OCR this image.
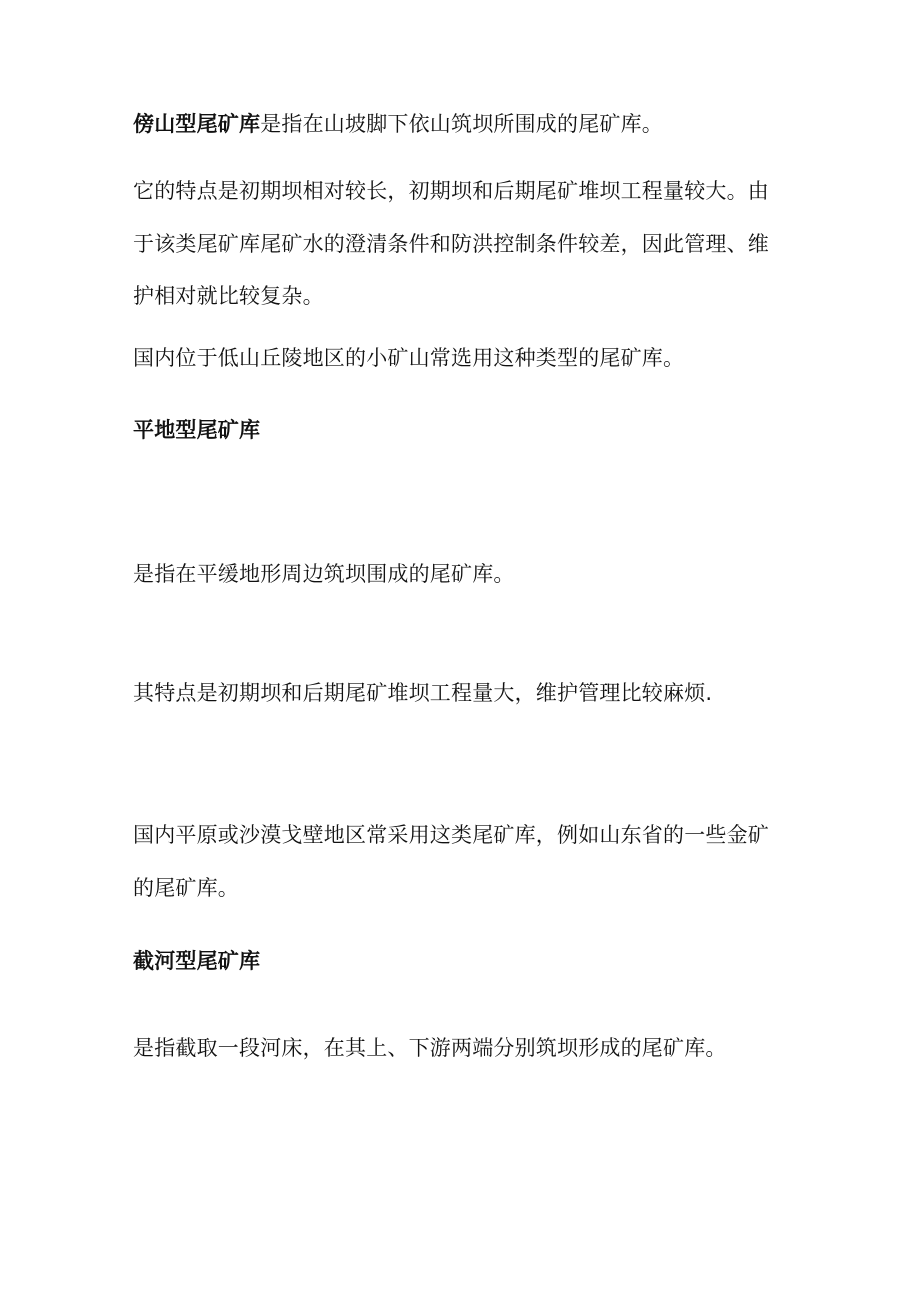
傍山型尾矿库是指在山坡脚下依山筑坝所围成的尾矿库。
它的特点是初期坝相对较长，初期坝和后期尾矿堆坝工程量较大。由
于该类尾矿库尾矿水的澄清条件和防洪控制条件较差，因此管理、维
护相对就比较复杂。
国内位于低山丘陵地区的小矿山常选用这种类型的尾矿库。
平地型尾矿库
是指在平缓地形周边筑坝围成的尾矿库。
其特点是初期坝和后期尾矿堆坝工程量大，维护管理比较麻烦.
国内平原或沙漠戈壁地区常采用这类尾矿库，例如山东省的一些金矿
的尾矿库。
截河型尾矿库
是指截取一段河床，在其上、下游两端分别筑坝形成的尾矿库。
